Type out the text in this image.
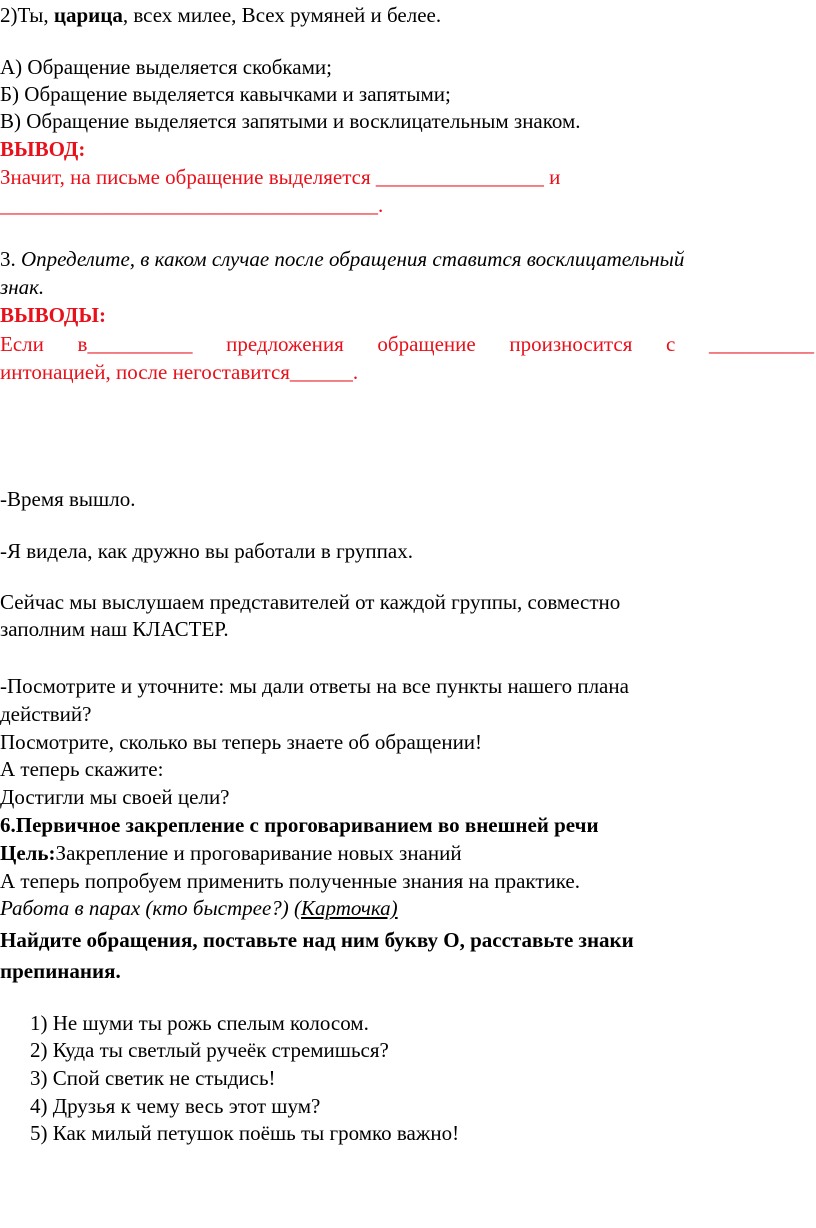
2)Ты, царица, всех милее, Всех румяней и белее.
А) Обращение выделяется скобками;
Б) Обращение выделяется кавычками и запятыми;
В) Обращение выделяется запятыми и восклицательным знаком.
ВЫВОД:
Значит, на письме обращение выделяется ________________ и
____________________________________.
3. Определите, в каком случае после обращения ставится восклицательный
знак.
ВЫВОДЫ:
Если в__________ предложения обращение произносится с __________
интонацией, после негоставится______.
-Время вышло.
-Я видела, как дружно вы работали в группах.
Сейчас мы выслушаем представителей от каждой группы, совместно
заполним наш КЛАСТЕР.
-Посмотрите и уточните: мы дали ответы на все пункты нашего плана
действий?
Посмотрите, сколько вы теперь знаете об обращении!
А теперь скажите:
Достигли мы своей цели?
6.Первичное закрепление с проговариванием во внешней речи
Цель:Закрепление и проговаривание новых знаний
А теперь попробуем применить полученные знания на практике.
Работа в парах (кто быстрее?) (Карточка)
Найдите обращения, поставьте над ним букву О, расставьте знаки
препинания.
1) Не шуми ты рожь спелым колосом.
2) Куда ты светлый ручеёк стремишься?
3) Спой светик не стыдись!
4) Друзья к чему весь этот шум?
5) Как милый петушок поёшь ты громко важно!
